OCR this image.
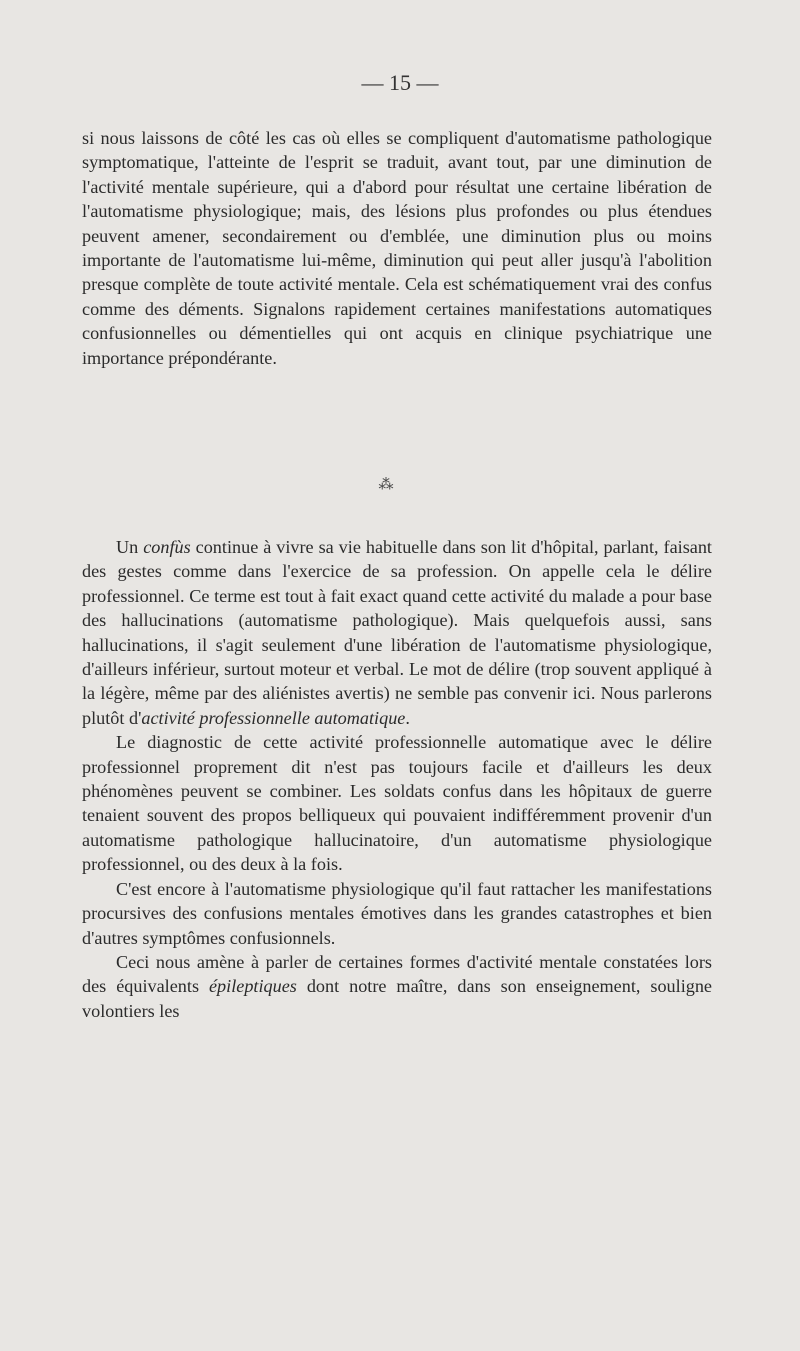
— 15 —

si nous laissons de côté les cas où elles se compliquent d'automatisme pathologique symptomatique, l'atteinte de l'esprit se traduit, avant tout, par une diminution de l'activité mentale supérieure, qui a d'abord pour résultat une certaine libération de l'automatisme physiologique; mais, des lésions plus profondes ou plus étendues peuvent amener, secondairement ou d'emblée, une diminution plus ou moins importante de l'automatisme lui-même, diminution qui peut aller jusqu'à l'abolition presque complète de toute activité mentale. Cela est schématiquement vrai des confus comme des déments. Signalons rapidement certaines manifestations automatiques confusionnelles ou démentielles qui ont acquis en clinique psychiatrique une importance prépondérante.

⁂

Un confùs continue à vivre sa vie habituelle dans son lit d'hôpital, parlant, faisant des gestes comme dans l'exercice de sa profession. On appelle cela le délire professionnel. Ce terme est tout à fait exact quand cette activité du malade a pour base des hallucinations (automatisme pathologique). Mais quelquefois aussi, sans hallucinations, il s'agit seulement d'une libération de l'automatisme physiologique, d'ailleurs inférieur, surtout moteur et verbal. Le mot de délire (trop souvent appliqué à la légère, même par des aliénistes avertis) ne semble pas convenir ici. Nous parlerons plutôt d'activité professionnelle automatique.

Le diagnostic de cette activité professionnelle automatique avec le délire professionnel proprement dit n'est pas toujours facile et d'ailleurs les deux phénomènes peuvent se combiner. Les soldats confus dans les hôpitaux de guerre tenaient souvent des propos belliqueux qui pouvaient indifféremment provenir d'un automatisme pathologique hallucinatoire, d'un automatisme physiologique professionnel, ou des deux à la fois.

C'est encore à l'automatisme physiologique qu'il faut rattacher les manifestations procursives des confusions mentales émotives dans les grandes catastrophes et bien d'autres symptômes confusionnels.

Ceci nous amène à parler de certaines formes d'activité mentale constatées lors des équivalents épileptiques dont notre maître, dans son enseignement, souligne volontiers les
